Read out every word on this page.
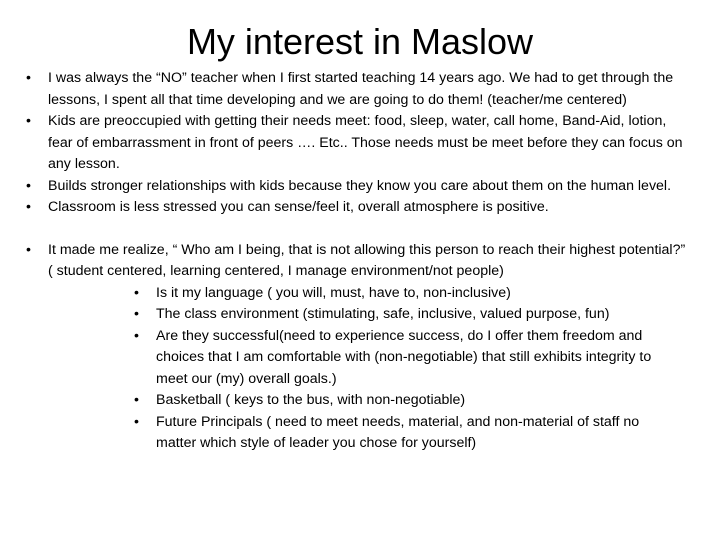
My interest in Maslow
• I was always the “NO” teacher when I first started teaching 14 years ago. We had to get through the lessons, I spent all that time developing and we are going to do them! (teacher/me centered)
• Kids are preoccupied with getting their needs meet: food, sleep, water, call home, Band-Aid, lotion, fear of embarrassment in front of peers …. Etc.. Those needs must be meet before they can focus on any lesson.
• Builds stronger relationships with kids because they know you care about them on the human level.
• Classroom is less stressed you can sense/feel it, overall atmosphere is positive.
• It made me realize, “ Who am I being, that is not allowing this person to reach their highest potential?” ( student centered, learning centered, I manage environment/not people)
• Is it my language ( you will, must, have to, non-inclusive)
• The class environment (stimulating, safe, inclusive, valued purpose, fun)
• Are they successful(need to experience success, do I offer them freedom and choices that I am comfortable with (non-negotiable) that still exhibits integrity to meet our (my) overall goals.)
• Basketball ( keys to the bus, with non-negotiable)
• Future Principals ( need to meet needs, material, and non-material of staff no matter which style of leader you chose for yourself)
